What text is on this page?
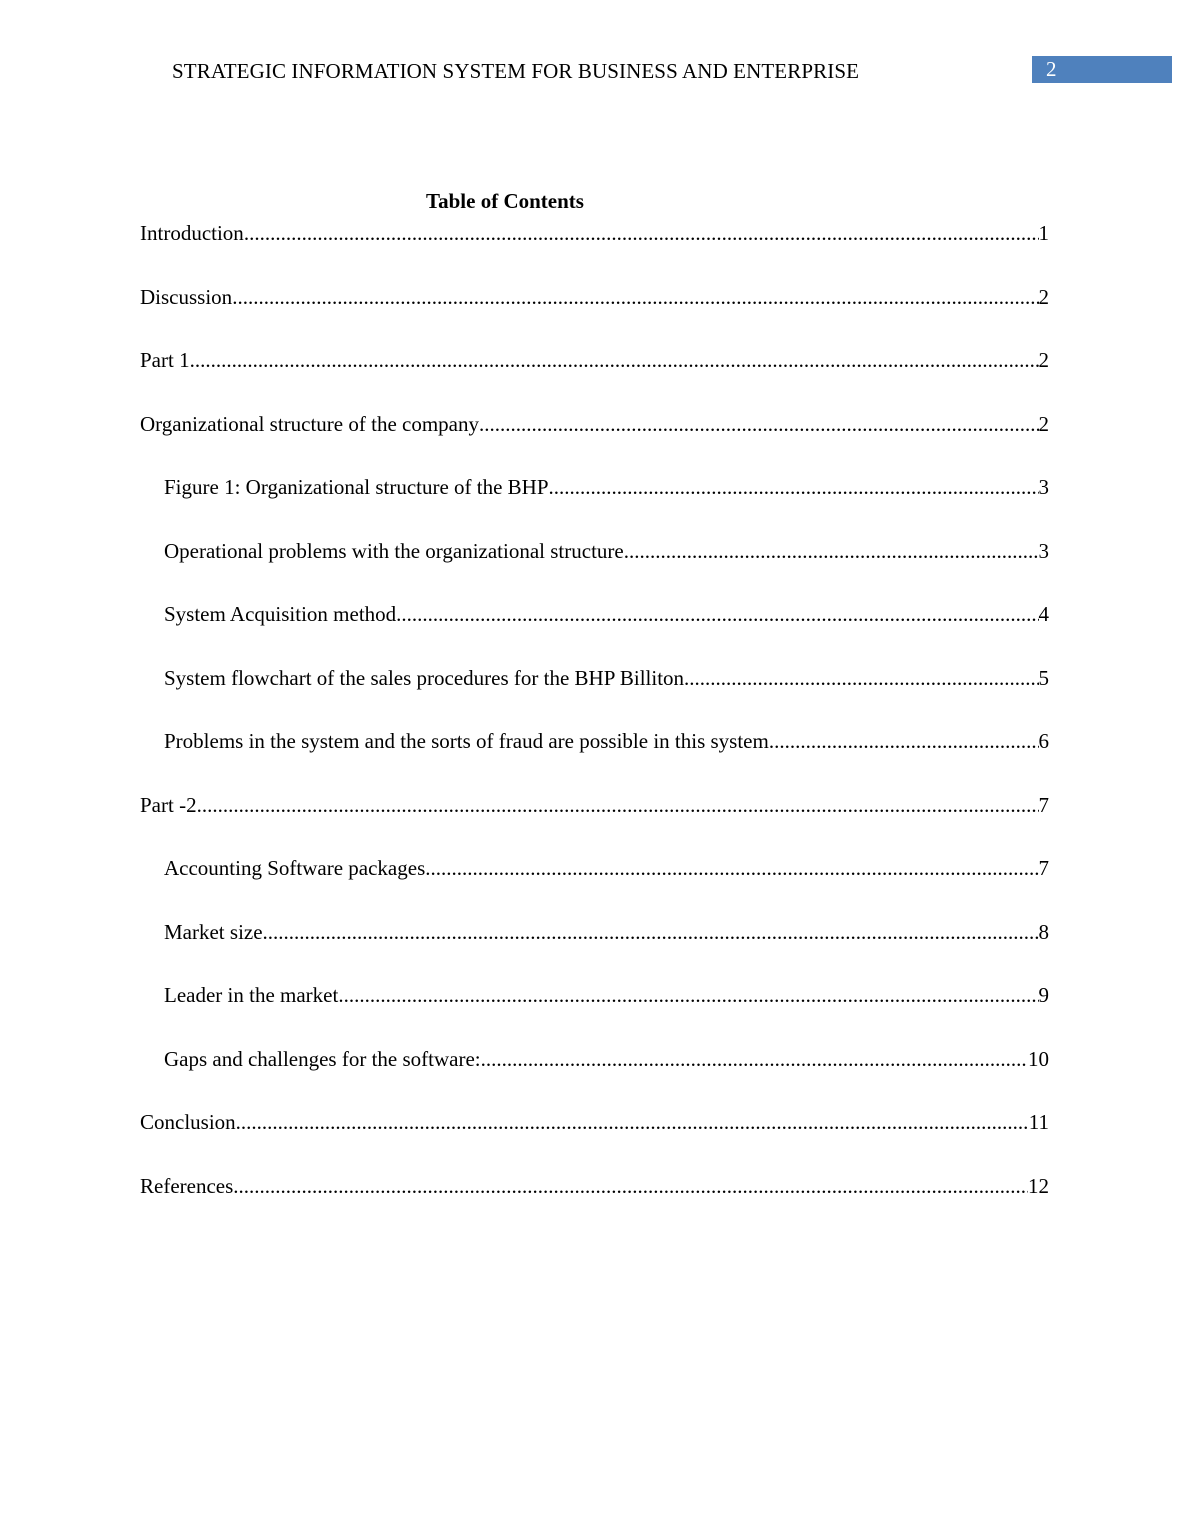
STRATEGIC INFORMATION SYSTEM FOR BUSINESS AND ENTERPRISE	2
Table of Contents
Introduction .....	1
Discussion .....	2
Part 1 .....	2
Organizational structure of the company .....	2
Figure 1: Organizational structure of the BHP .....	3
Operational problems with the organizational structure .....	3
System Acquisition method .....	4
System flowchart of the sales procedures for the BHP Billiton .....	5
Problems in the system and the sorts of fraud are possible in this system .....	6
Part -2 .....	7
Accounting Software packages .....	7
Market size .....	8
Leader in the market .....	9
Gaps and challenges for the software: .....	10
Conclusion .....	11
References .....	12
